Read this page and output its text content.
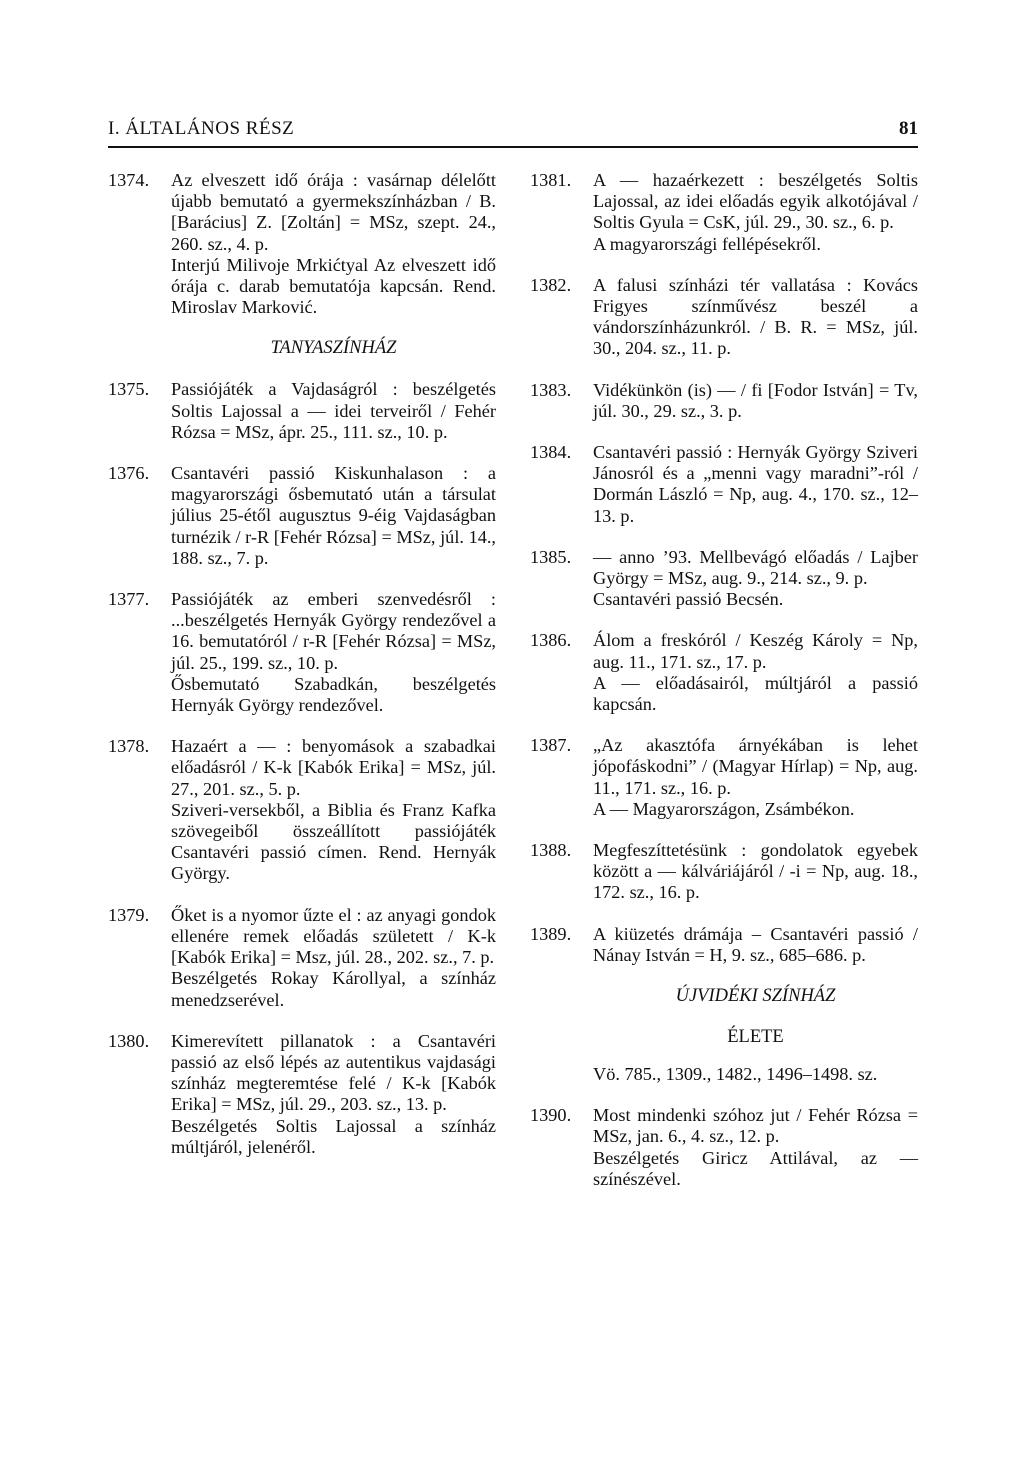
I. ÁLTALÁNOS RÉSZ	81
1374.	Az elveszett idő órája : vasárnap délelőtt újabb bemutató a gyermekszínházban / B. [Barácius] Z. [Zoltán] = MSz, szept. 24., 260. sz., 4. p.
Interjú Milivoje Mrkićtyal Az elveszett idő órája c. darab bemutatója kapcsán. Rend. Miroslav Marković.
TANYASZÍNHÁZ
1375.	Passiójáték a Vajdaságról : beszélgetés Soltis Lajossal a — idei terveiről / Fehér Rózsa = MSz, ápr. 25., 111. sz., 10. p.
1376.	Csantavéri passió Kiskunhalason : a magyarországi ősbemutató után a társulat július 25-étől augusztus 9-éig Vajdaságban turnézik / r-R [Fehér Rózsa] = MSz, júl. 14., 188. sz., 7. p.
1377.	Passiójáték az emberi szenvedésről : ...beszélgetés Hernyák György rendezővel a 16. bemutatóról / r-R [Fehér Rózsa] = MSz, júl. 25., 199. sz., 10. p.
Ősbemutató Szabadkán, beszélgetés Hernyák György rendezővel.
1378.	Hazaért a — : benyomások a szabadkai előadásról / K-k [Kabók Erika] = MSz, júl. 27., 201. sz., 5. p.
Sziveri-versekből, a Biblia és Franz Kafka szövegeiből összeállított passiójáték Csantavéri passió címen. Rend. Hernyák György.
1379.	Őket is a nyomor űzte el : az anyagi gondok ellenére remek előadás született / K-k [Kabók Erika] = Msz, júl. 28., 202. sz., 7. p.
Beszélgetés Rokay Károllyal, a színház menedzserével.
1380.	Kimerevített pillanatok : a Csantavéri passió az első lépés az autentikus vajdasági színház megteremtése felé / K-k [Kabók Erika] = MSz, júl. 29., 203. sz., 13. p.
Beszélgetés Soltis Lajossal a színház múltjáról, jelenéről.
1381.	A — hazaérkezett : beszélgetés Soltis Lajossal, az idei előadás egyik alkotójával / Soltis Gyula = CsK, júl. 29., 30. sz., 6. p.
A magyarországi fellépésekről.
1382.	A falusi színházi tér vallatása : Kovács Frigyes színművész beszél a vándorszínházunkról. / B. R. = MSz, júl. 30., 204. sz., 11. p.
1383.	Vidékünkön (is) — / fi [Fodor István] = Tv, júl. 30., 29. sz., 3. p.
1384.	Csantavéri passió : Hernyák György Sziveri Jánosról és a „menni vagy maradni”-ról / Dormán László = Np, aug. 4., 170. sz., 12–13. p.
1385.	— anno ’93. Mellbevágó előadás / Lajber György = MSz, aug. 9., 214. sz., 9. p.
Csantavéri passió Becsén.
1386.	Álom a freskóról / Keszég Károly = Np, aug. 11., 171. sz., 17. p.
A — előadásairól, múltjáról a passió kapcsán.
1387.	„Az akasztófa árnyékában is lehet jópofáskodni” / (Magyar Hírlap) = Np, aug. 11., 171. sz., 16. p.
A — Magyarországon, Zsámbékon.
1388.	Megfeszíttetésünk : gondolatok egyebek között a — kálváriájáról / -i = Np, aug. 18., 172. sz., 16. p.
1389.	A kiüzetés drámája – Csantavéri passió / Nánay István = H, 9. sz., 685–686. p.
ÚJVIDÉKI SZÍNHÁZ
ÉLETE
Vö. 785., 1309., 1482., 1496–1498. sz.
1390.	Most mindenki szóhoz jut / Fehér Rózsa = MSz, jan. 6., 4. sz., 12. p.
Beszélgetés Giricz Attilával, az — színészével.
